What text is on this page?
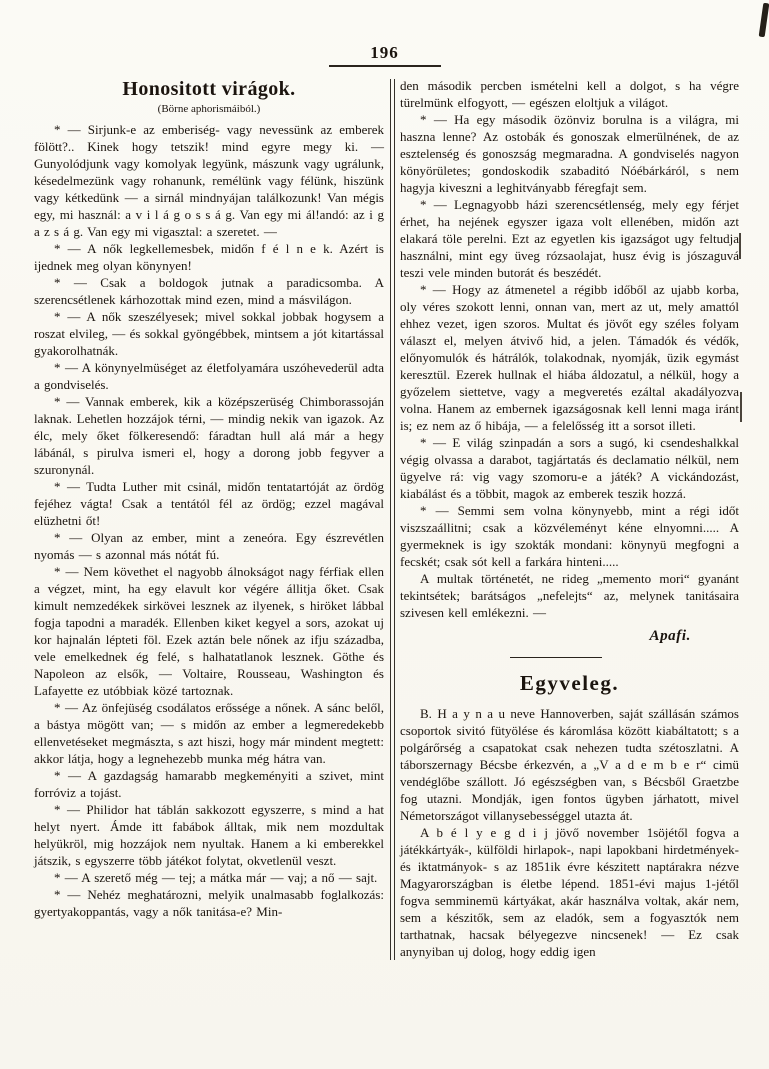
196
Honositott virágok.
(Börne aphorismáiból.)

* — Sirjunk-e az emberiség- vagy nevessünk az emberek fölött?.. Kinek hogy tetszik! mind egyre megy ki. — Gunyolódjunk vagy komolyak legyünk, mászunk vagy ugrálunk, késedelmezünk vagy rohanunk, remélünk vagy félünk, hiszünk vagy kétkedünk — a sirnál mindnyájan találkozunk! Van mégis egy, mi használ: a v i l á g o s s á g. Van egy mi ál!andó: az i g a z s á g. Van egy mi vigasztal: a szeretet. —

* — A nők legkellemesbek, midőn f é l n e k. Azért is ijednek meg olyan könynyen!

* — Csak a boldogok jutnak a paradicsomba. A szerencsétlenek kárhozottak mind ezen, mind a másvilágon.

* — A nők szeszélyesek; mivel sokkal jobbak hogysem a roszat elvileg, — és sokkal gyöngébbek, mintsem a jót kitartással gyakorolhatnák.

* — A könynyelmüséget az életfolyamára uszóhevederül adta a gondviselés.

* — Vannak emberek, kik a középszerüség Chimborassoján laknak. Lehetlen hozzájok térni, — mindig nekik van igazok. Az élc, mely őket fölkeresendő: fáradtan hull alá már a hegy lábánál, s pirulva ismeri el, hogy a dorong jobb fegyver a szuronynál.

* — Tudta Luther mit csinál, midőn tentatartóját az ördög fejéhez vágta! Csak a tentától fél az ördög; ezzel magával elüzhetni őt!

* — Olyan az ember, mint a zeneóra. Egy észrevétlen nyomás — s azonnal más nótát fú.

* — Nem követhet el nagyobb álnokságot nagy férfiak ellen a végzet, mint, ha egy elavult kor végére állitja őket. Csak kimult nemzedékek sirkövei lesznek az ilyenek, s hiröket lábbal fogja tapodni a maradék. Ellenben kiket kegyel a sors, azokat uj kor hajnalán lépteti föl. Ezek aztán bele nőnek az ifju századba, vele emelkednek ég felé, s halhatatlanok lesznek. Göthe és Napoleon az elsők, — Voltaire, Rousseau, Washington és Lafayette ez utóbbiak közé tartoznak.

* — Az önfejüség csodálatos erőssége a nőnek. A sánc belől, a bástya mögött van; — s midőn az ember a legmeredekebb ellenvetéseket megmászta, s azt hiszi, hogy már mindent megtett: akkor látja, hogy a legnehezebb munka még hátra van.

* — A gazdagság hamarabb megkeményiti a szivet, mint forróviz a tojást.

* — Philidor hat táblán sakkozott egyszerre, s mind a hat helyt nyert. Ámde itt fabábok álltak, mik nem mozdultak helyükröl, mig hozzájok nem nyultak. Hanem a ki emberekkel játszik, s egyszerre több játékot folytat, okvetlenül veszt.

* — A szerető még — tej; a mátka már — vaj; a nő — sajt.

* — Nehéz meghatározni, melyik unalmasabb foglalkozás: gyertyakoppantás, vagy a nők tanitása-e? Min-

den második percben ismételni kell a dolgot, s ha végre türelmünk elfogyott, — egészen eloltjuk a világot.

* — Ha egy második özönviz borulna is a világra, mi haszna lenne? Az ostobák és gonoszak elmerülnének, de az esztelenség és gonoszság megmaradna. A gondviselés nagyon könyörületes; gondoskodik szabaditó Nóébárkáról, s nem hagyja kiveszni a leghitványabb féregfajt sem.

* — Legnagyobb házi szerencsétlenség, mely egy férjet érhet, ha nejének egyszer igaza volt ellenében, midőn azt elakará töle perelni. Ezt az egyetlen kis igazságot ugy feltudja használni, mint egy üveg rózsaolajat, husz évig is jószaguvá teszi vele minden butorát és beszédét.

* — Hogy az átmenetel a régibb időből az ujabb korba, oly véres szokott lenni, onnan van, mert az ut, mely amattól ehhez vezet, igen szoros. Multat és jövőt egy széles folyam választ el, melyen átvivő hid, a jelen. Támadók és védők, előnyomulók és hátrálók, tolakodnak, nyomják, üzik egymást keresztül. Ezerek hullnak el hiába áldozatul, a nélkül, hogy a győzelem siettetve, vagy a megveretés ezáltal akadályozva volna. Hanem az embernek igazságosnak kell lenni maga iránt is; ez nem az ő hibája, — a felelősség itt a sorsot illeti.

* — E világ szinpadán a sors a sugó, ki csendeshalkkal végig olvassa a darabot, tagjártatás és declamatio nélkül, nem ügyelve rá: vig vagy szomoru-e a játék? A vickándozást, kiabálást és a többit, magok az emberek teszik hozzá.

* — Semmi sem volna könynyebb, mint a régi időt viszszaállitni; csak a közvéleményt kéne elnyomni..... A gyermeknek is igy szokták mondani: könynyü megfogni a fecskét; csak sót kell a farkára hinteni.....

A multak történetét, ne rideg „memento mori“ gyanánt tekintsétek; barátságos „nefelejts“ az, melynek tanitásaira szivesen kell emlékezni. —

Apafi.
Egyveleg.

B. H a y n a u neve Hannoverben, saját szállásán számos csoportok sivitó fütyölése és káromlása között kiabáltatott; s a polgárőrség a csapatokat csak nehezen tudta szétoszlatni. A táborszernagy Bécsbe érkezvén, a „V a d e m b e r“ cimü vendéglőbe szállott. Jó egészségben van, s Bécsből Graetzbe fog utazni. Mondják, igen fontos ügyben járhatott, mivel Németországot villanysebességgel utazta át.

A b é l y e g d i j jövő november 1söjétől fogva a játékkártyák-, külföldi hirlapok-, napi lapokbani hirdetmények- és iktatmányok- s az 1851ik évre készitett naptárakra nézve Magyarországban is életbe lépend. 1851-évi majus 1-jétől fogva semminemü kártyákat, akár használva voltak, akár nem, sem a készitők, sem az eladók, sem a fogyasztók nem tarthatnak, hacsak bélyegezve nincsenek! — Ez csak anynyiban uj dolog, hogy eddig igen
